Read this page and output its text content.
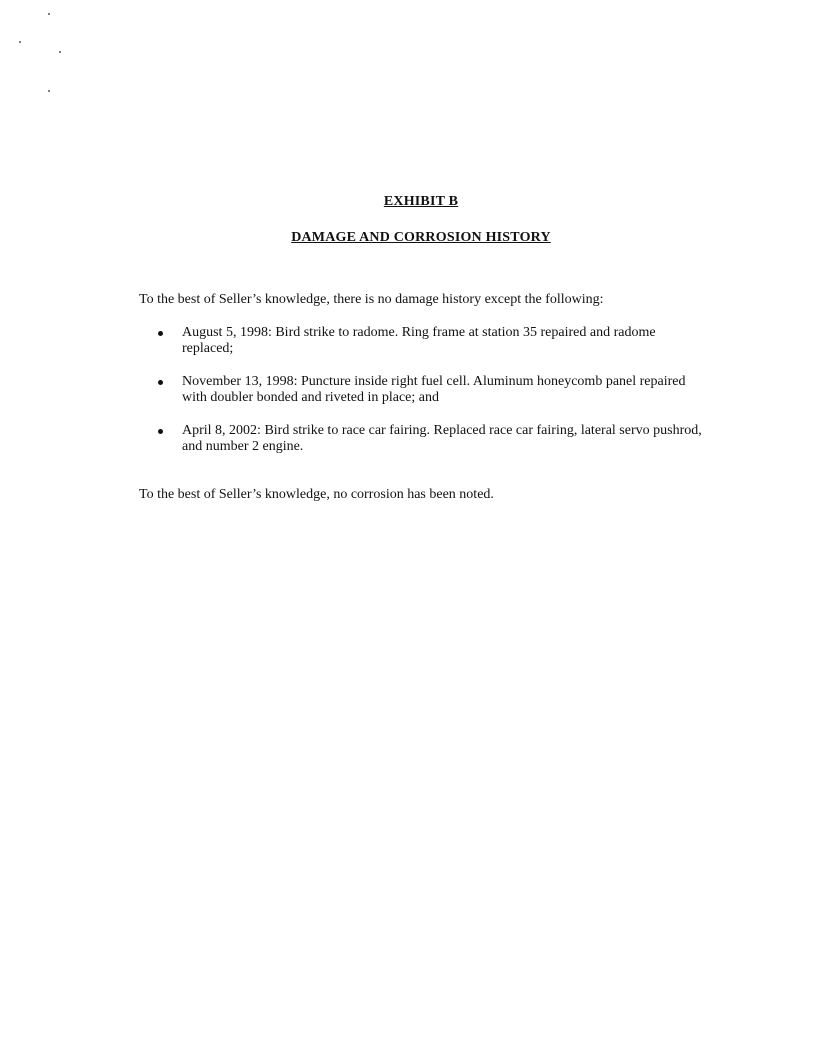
EXHIBIT B
DAMAGE AND CORROSION HISTORY
To the best of Seller’s knowledge, there is no damage history except the following:
August 5, 1998: Bird strike to radome. Ring frame at station 35 repaired and radome replaced;
November 13, 1998: Puncture inside right fuel cell. Aluminum honeycomb panel repaired with doubler bonded and riveted in place; and
April 8, 2002: Bird strike to race car fairing. Replaced race car fairing, lateral servo pushrod, and number 2 engine.
To the best of Seller’s knowledge, no corrosion has been noted.
